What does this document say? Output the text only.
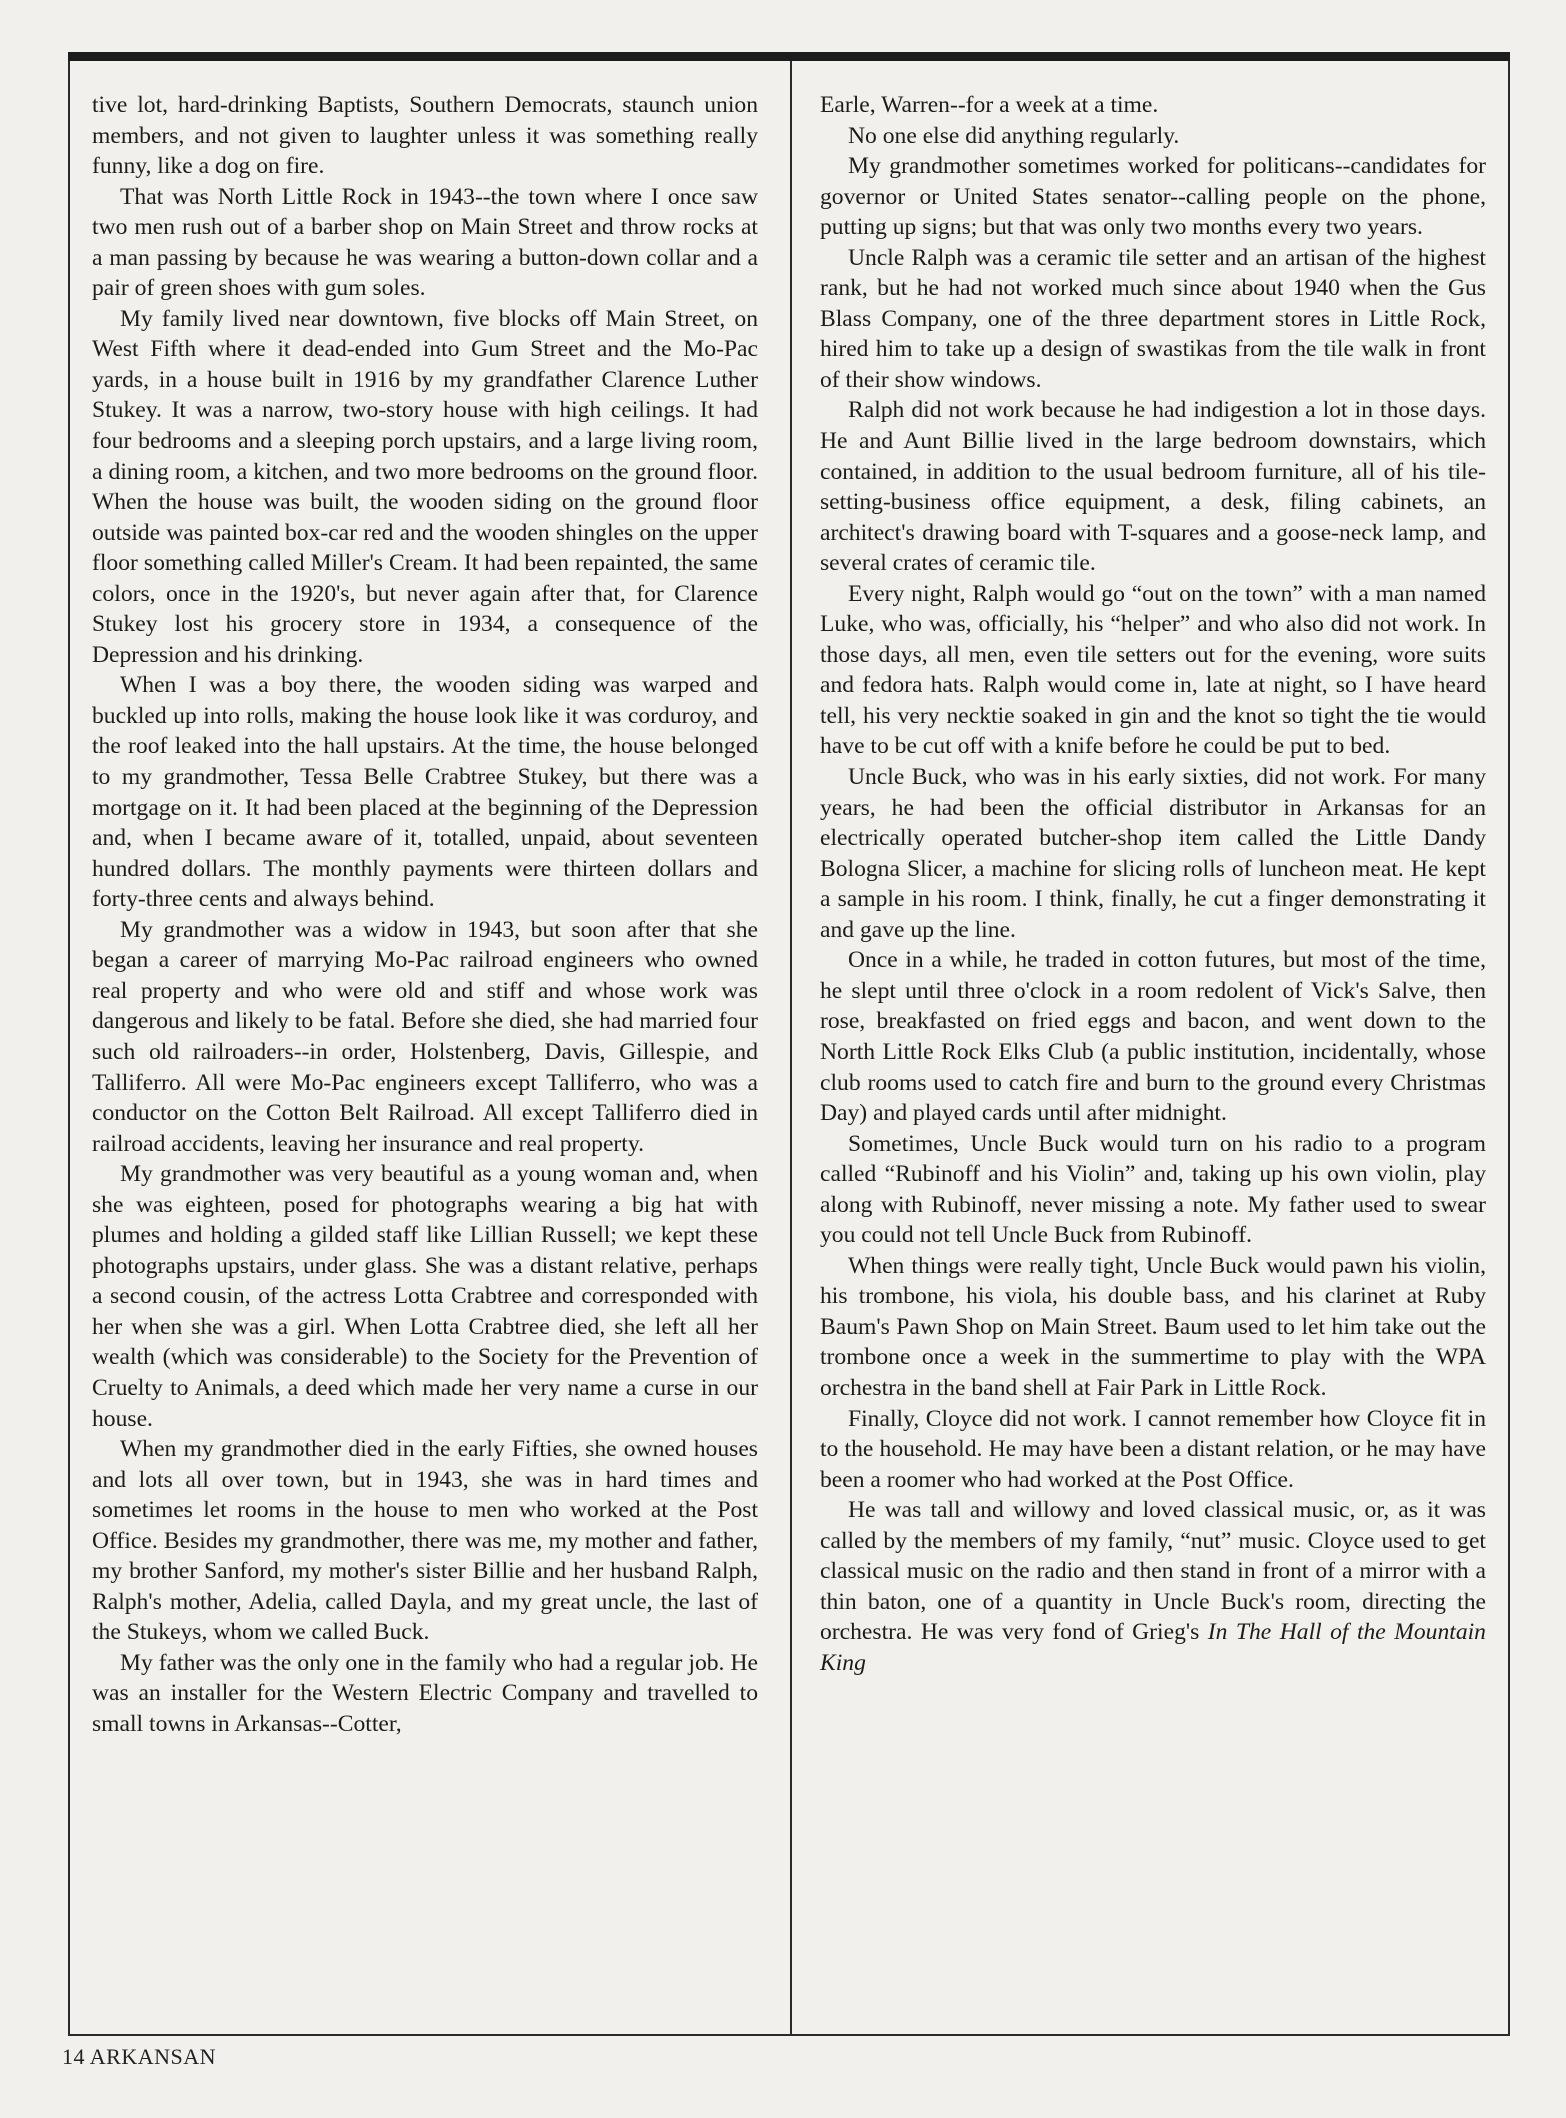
tive lot, hard-drinking Baptists, Southern Democrats, staunch union members, and not given to laughter unless it was something really funny, like a dog on fire.

That was North Little Rock in 1943--the town where I once saw two men rush out of a barber shop on Main Street and throw rocks at a man passing by because he was wearing a button-down collar and a pair of green shoes with gum soles.

My family lived near downtown, five blocks off Main Street, on West Fifth where it dead-ended into Gum Street and the Mo-Pac yards, in a house built in 1916 by my grandfather Clarence Luther Stukey. It was a narrow, two-story house with high ceilings. It had four bedrooms and a sleeping porch upstairs, and a large living room, a dining room, a kitchen, and two more bedrooms on the ground floor. When the house was built, the wooden siding on the ground floor outside was painted box-car red and the wooden shingles on the upper floor something called Miller's Cream. It had been repainted, the same colors, once in the 1920's, but never again after that, for Clarence Stukey lost his grocery store in 1934, a consequence of the Depression and his drinking.

When I was a boy there, the wooden siding was warped and buckled up into rolls, making the house look like it was corduroy, and the roof leaked into the hall upstairs. At the time, the house belonged to my grandmother, Tessa Belle Crabtree Stukey, but there was a mortgage on it. It had been placed at the beginning of the Depression and, when I became aware of it, totalled, unpaid, about seventeen hundred dollars. The monthly payments were thirteen dollars and forty-three cents and always behind.

My grandmother was a widow in 1943, but soon after that she began a career of marrying Mo-Pac railroad engineers who owned real property and who were old and stiff and whose work was dangerous and likely to be fatal. Before she died, she had married four such old railroaders--in order, Holstenberg, Davis, Gillespie, and Talliferro. All were Mo-Pac engineers except Talliferro, who was a conductor on the Cotton Belt Railroad. All except Talliferro died in railroad accidents, leaving her insurance and real property.

My grandmother was very beautiful as a young woman and, when she was eighteen, posed for photographs wearing a big hat with plumes and holding a gilded staff like Lillian Russell; we kept these photographs upstairs, under glass. She was a distant relative, perhaps a second cousin, of the actress Lotta Crabtree and corresponded with her when she was a girl. When Lotta Crabtree died, she left all her wealth (which was considerable) to the Society for the Prevention of Cruelty to Animals, a deed which made her very name a curse in our house.

When my grandmother died in the early Fifties, she owned houses and lots all over town, but in 1943, she was in hard times and sometimes let rooms in the house to men who worked at the Post Office. Besides my grandmother, there was me, my mother and father, my brother Sanford, my mother's sister Billie and her husband Ralph, Ralph's mother, Adelia, called Dayla, and my great uncle, the last of the Stukeys, whom we called Buck.

My father was the only one in the family who had a regular job. He was an installer for the Western Electric Company and travelled to small towns in Arkansas--Cotter,

Earle, Warren--for a week at a time.

No one else did anything regularly.

My grandmother sometimes worked for politicans--candidates for governor or United States senator--calling people on the phone, putting up signs; but that was only two months every two years.

Uncle Ralph was a ceramic tile setter and an artisan of the highest rank, but he had not worked much since about 1940 when the Gus Blass Company, one of the three department stores in Little Rock, hired him to take up a design of swastikas from the tile walk in front of their show windows.

Ralph did not work because he had indigestion a lot in those days. He and Aunt Billie lived in the large bedroom downstairs, which contained, in addition to the usual bedroom furniture, all of his tile-setting-business office equipment, a desk, filing cabinets, an architect's drawing board with T-squares and a goose-neck lamp, and several crates of ceramic tile.

Every night, Ralph would go “out on the town” with a man named Luke, who was, officially, his “helper” and who also did not work. In those days, all men, even tile setters out for the evening, wore suits and fedora hats. Ralph would come in, late at night, so I have heard tell, his very necktie soaked in gin and the knot so tight the tie would have to be cut off with a knife before he could be put to bed.

Uncle Buck, who was in his early sixties, did not work. For many years, he had been the official distributor in Arkansas for an electrically operated butcher-shop item called the Little Dandy Bologna Slicer, a machine for slicing rolls of luncheon meat. He kept a sample in his room. I think, finally, he cut a finger demonstrating it and gave up the line.

Once in a while, he traded in cotton futures, but most of the time, he slept until three o'clock in a room redolent of Vick's Salve, then rose, breakfasted on fried eggs and bacon, and went down to the North Little Rock Elks Club (a public institution, incidentally, whose club rooms used to catch fire and burn to the ground every Christmas Day) and played cards until after midnight.

Sometimes, Uncle Buck would turn on his radio to a program called “Rubinoff and his Violin” and, taking up his own violin, play along with Rubinoff, never missing a note. My father used to swear you could not tell Uncle Buck from Rubinoff.

When things were really tight, Uncle Buck would pawn his violin, his trombone, his viola, his double bass, and his clarinet at Ruby Baum's Pawn Shop on Main Street. Baum used to let him take out the trombone once a week in the summertime to play with the WPA orchestra in the band shell at Fair Park in Little Rock.

Finally, Cloyce did not work. I cannot remember how Cloyce fit in to the household. He may have been a distant relation, or he may have been a roomer who had worked at the Post Office.

He was tall and willowy and loved classical music, or, as it was called by the members of my family, “nut” music. Cloyce used to get classical music on the radio and then stand in front of a mirror with a thin baton, one of a quantity in Uncle Buck's room, directing the orchestra. He was very fond of Grieg's In The Hall of the Mountain King

14 ARKANSAN
